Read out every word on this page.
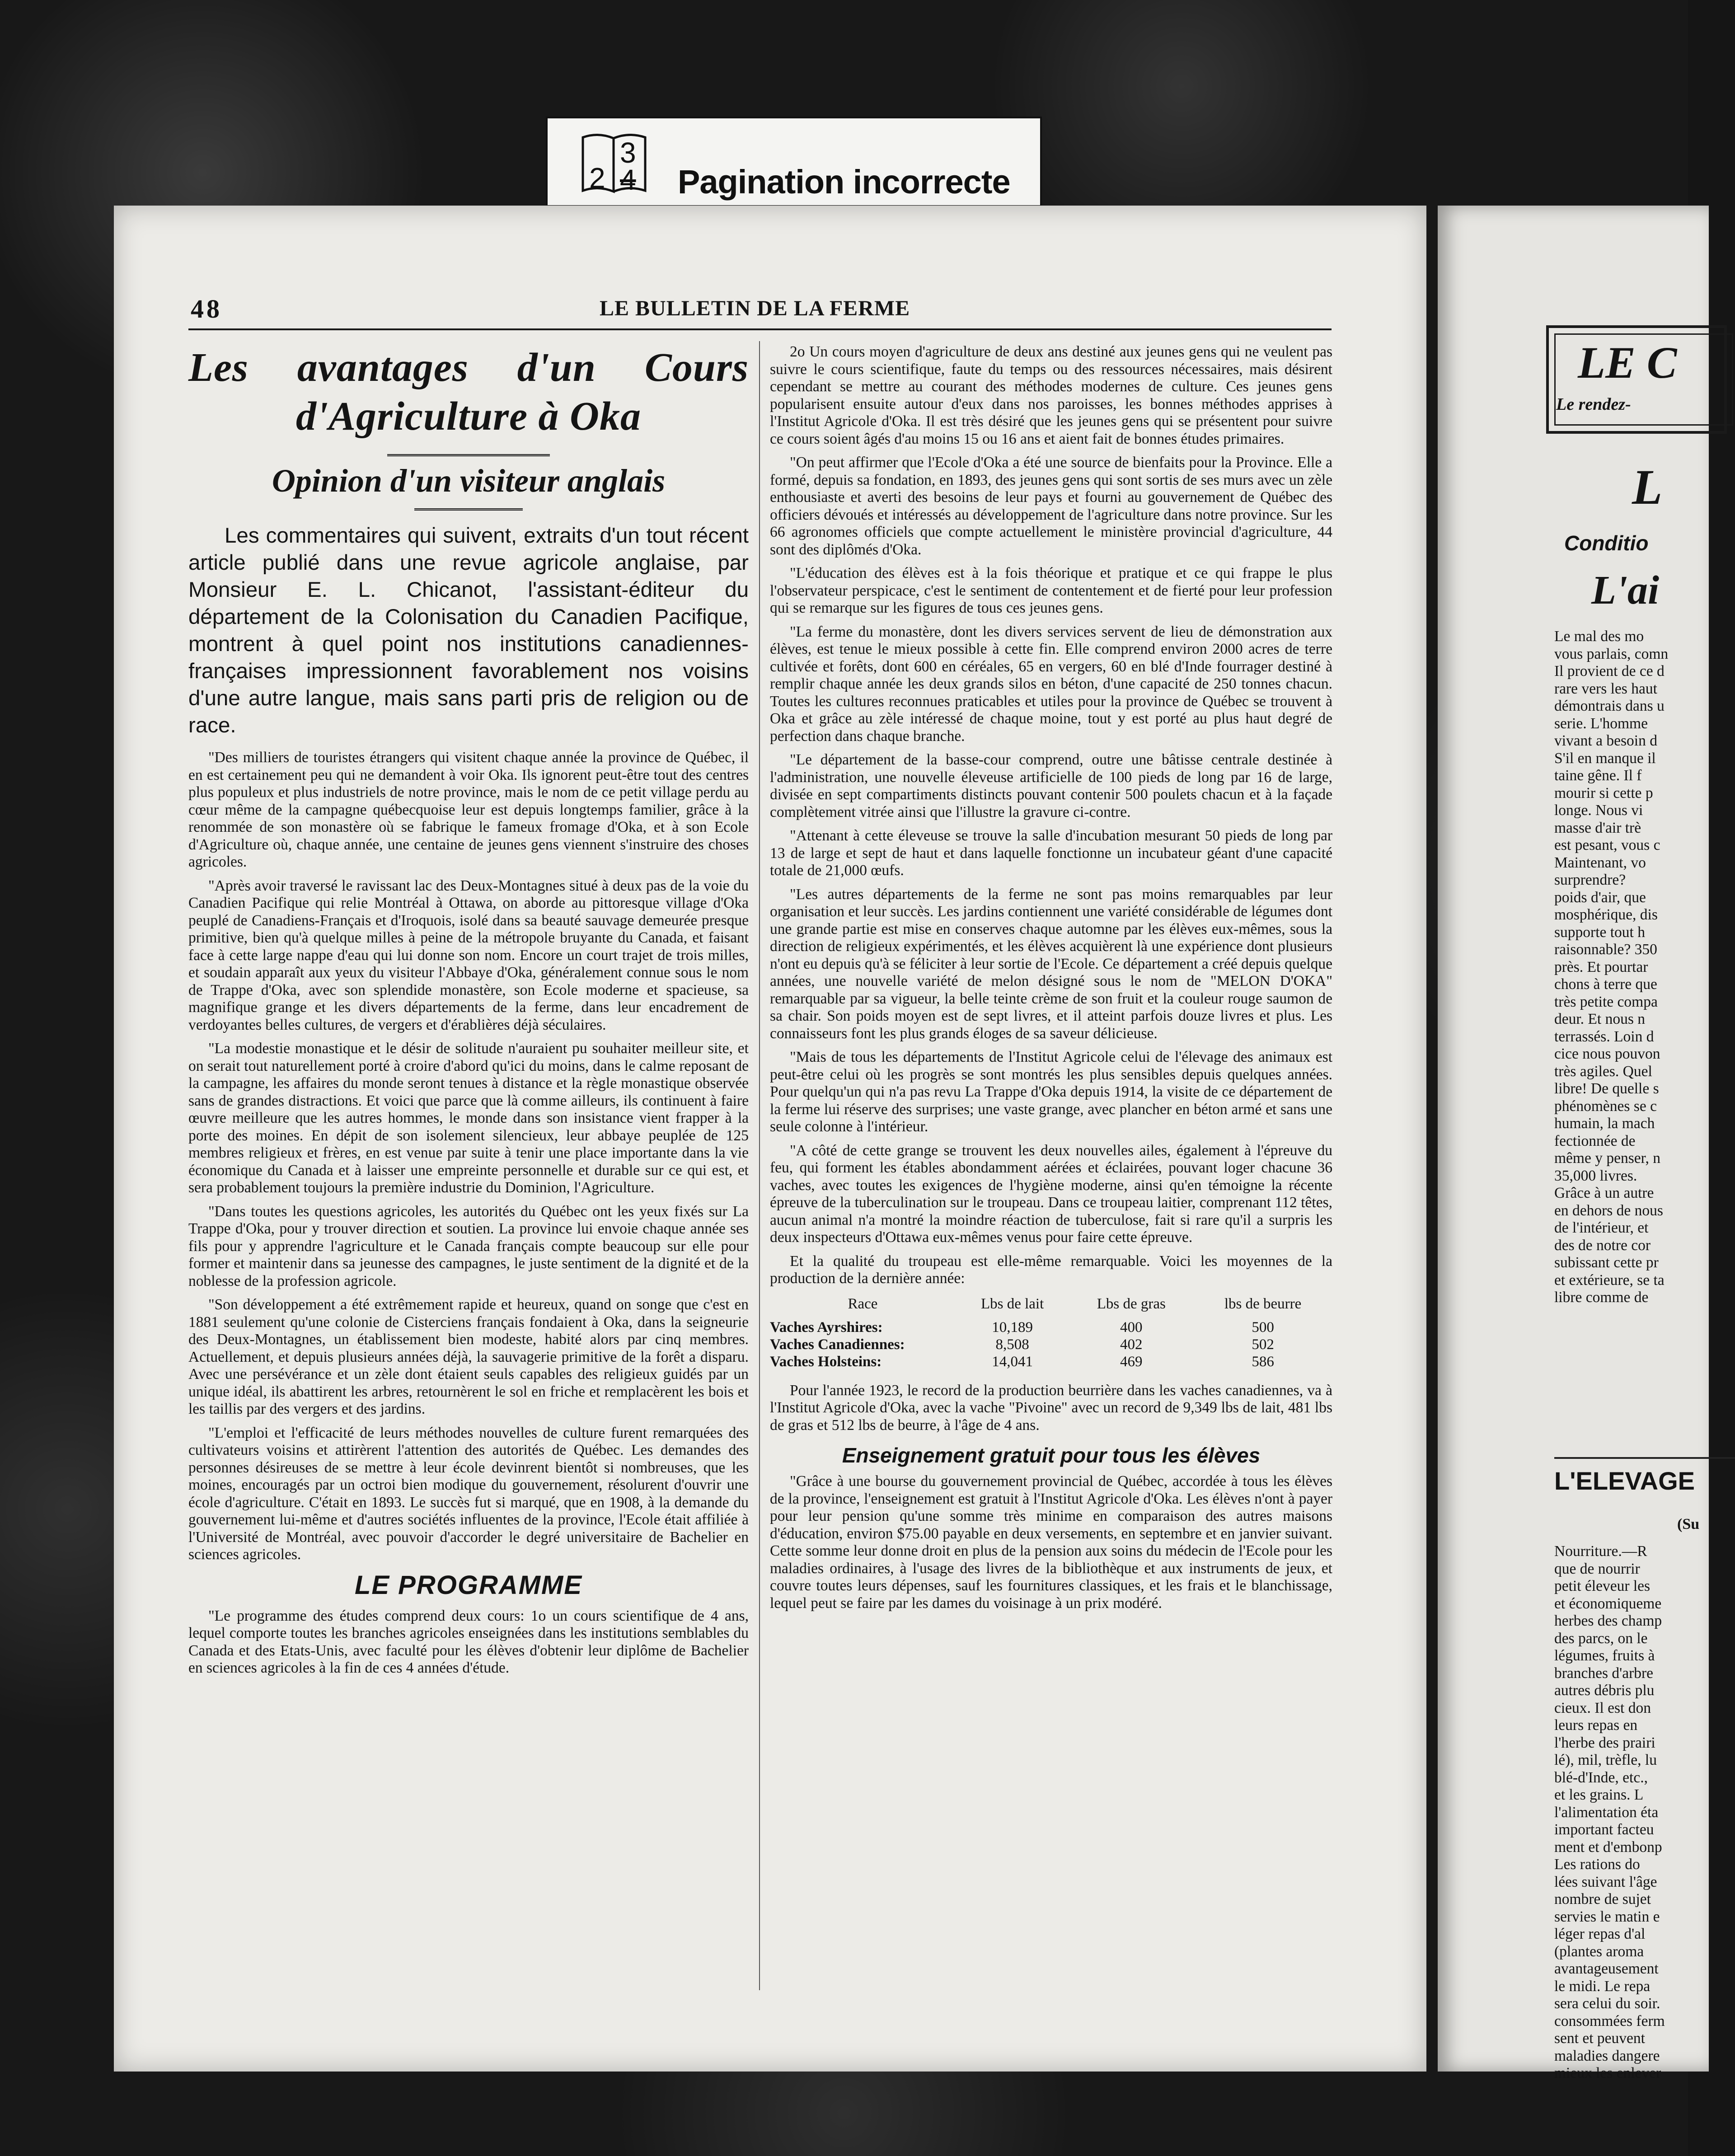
2
3
4 Pagination incorrecte
48	LE BULLETIN DE LA FERME
Les avantages d'un Cours
d'Agriculture à Oka
Opinion d'un visiteur anglais

Les commentaires qui suivent, extraits d'un tout récent article publié dans une revue agricole anglaise, par Monsieur E. L. Chicanot, l'assistant-éditeur du département de la Colonisation du Canadien Pacifique, montrent à quel point nos institutions canadiennes-françaises impressionnent favorablement nos voisins d'une autre langue, mais sans parti pris de religion ou de race.

"Des milliers de touristes étrangers qui visitent chaque année la province de Québec, il en est certainement peu qui ne demandent à voir Oka. Ils ignorent peut-être tout des centres plus populeux et plus industriels de notre province, mais le nom de ce petit village perdu au cœur même de la campagne québecquoise leur est depuis longtemps familier, grâce à la renommée de son monastère où se fabrique le fameux fromage d'Oka, et à son Ecole d'Agriculture où, chaque année, une centaine de jeunes gens viennent s'instruire des choses agricoles.

"Après avoir traversé le ravissant lac des Deux-Montagnes situé à deux pas de la voie du Canadien Pacifique qui relie Montréal à Ottawa, on aborde au pittoresque village d'Oka peuplé de Canadiens-Français et d'Iroquois, isolé dans sa beauté sauvage demeurée presque primitive, bien qu'à quelque milles à peine de la métropole bruyante du Canada, et faisant face à cette large nappe d'eau qui lui donne son nom. Encore un court trajet de trois milles, et soudain apparaît aux yeux du visiteur l'Abbaye d'Oka, généralement connue sous le nom de Trappe d'Oka, avec son splendide monastère, son Ecole moderne et spacieuse, sa magnifique grange et les divers départements de la ferme, dans leur encadrement de verdoyantes belles cultures, de vergers et d'érablières déjà séculaires.

"La modestie monastique et le désir de solitude n'auraient pu souhaiter meilleur site, et on serait tout naturellement porté à croire d'abord qu'ici du moins, dans le calme reposant de la campagne, les affaires du monde seront tenues à distance et la règle monastique observée sans de grandes distractions. Et voici que parce que là comme ailleurs, ils continuent à faire œuvre meilleure que les autres hommes, le monde dans son insistance vient frapper à la porte des moines. En dépit de son isolement silencieux, leur abbaye peuplée de 125 membres religieux et frères, en est venue par suite à tenir une place importante dans la vie économique du Canada et à laisser une empreinte personnelle et durable sur ce qui est, et sera probablement toujours la première industrie du Dominion, l'Agriculture.

"Dans toutes les questions agricoles, les autorités du Québec ont les yeux fixés sur La Trappe d'Oka, pour y trouver direction et soutien. La province lui envoie chaque année ses fils pour y apprendre l'agriculture et le Canada français compte beaucoup sur elle pour former et maintenir dans sa jeunesse des campagnes, le juste sentiment de la dignité et de la noblesse de la profession agricole.

"Son développement a été extrêmement rapide et heureux, quand on songe que c'est en 1881 seulement qu'une colonie de Cisterciens français fondaient à Oka, dans la seigneurie des Deux-Montagnes, un établissement bien modeste, habité alors par cinq membres. Actuellement, et depuis plusieurs années déjà, la sauvagerie primitive de la forêt a disparu. Avec une persévérance et un zèle dont étaient seuls capables des religieux guidés par un unique idéal, ils abattirent les arbres, retournèrent le sol en friche et remplacèrent les bois et les taillis par des vergers et des jardins.

"L'emploi et l'efficacité de leurs méthodes nouvelles de culture furent remarquées des cultivateurs voisins et attirèrent l'attention des autorités de Québec. Les demandes des personnes désireuses de se mettre à leur école devinrent bientôt si nombreuses, que les moines, encouragés par un octroi bien modique du gouvernement, résolurent d'ouvrir une école d'agriculture. C'était en 1893. Le succès fut si marqué, que en 1908, à la demande du gouvernement lui-même et d'autres sociétés influentes de la province, l'Ecole était affiliée à l'Université de Montréal, avec pouvoir d'accorder le degré universitaire de Bachelier en sciences agricoles.

LE PROGRAMME

"Le programme des études comprend deux cours: 1o un cours scientifique de 4 ans, lequel comporte toutes les branches agricoles enseignées dans les institutions semblables du Canada et des Etats-Unis, avec faculté pour les élèves d'obtenir leur diplôme de Bachelier en sciences agricoles à la fin de ces 4 années d'étude.

2o Un cours moyen d'agriculture de deux ans destiné aux jeunes gens qui ne veulent pas suivre le cours scientifique, faute du temps ou des ressources nécessaires, mais désirent cependant se mettre au courant des méthodes modernes de culture. Ces jeunes gens popularisent ensuite autour d'eux dans nos paroisses, les bonnes méthodes apprises à l'Institut Agricole d'Oka. Il est très désiré que les jeunes gens qui se présentent pour suivre ce cours soient âgés d'au moins 15 ou 16 ans et aient fait de bonnes études primaires.

"On peut affirmer que l'Ecole d'Oka a été une source de bienfaits pour la Province. Elle a formé, depuis sa fondation, en 1893, des jeunes gens qui sont sortis de ses murs avec un zèle enthousiaste et averti des besoins de leur pays et fourni au gouvernement de Québec des officiers dévoués et intéressés au développement de l'agriculture dans notre province. Sur les 66 agronomes officiels que compte actuellement le ministère provincial d'agriculture, 44 sont des diplômés d'Oka.

"L'éducation des élèves est à la fois théorique et pratique et ce qui frappe le plus l'observateur perspicace, c'est le sentiment de contentement et de fierté pour leur profession qui se remarque sur les figures de tous ces jeunes gens.

"La ferme du monastère, dont les divers services servent de lieu de démonstration aux élèves, est tenue le mieux possible à cette fin. Elle comprend environ 2000 acres de terre cultivée et forêts, dont 600 en céréales, 65 en vergers, 60 en blé d'Inde fourrager destiné à remplir chaque année les deux grands silos en béton, d'une capacité de 250 tonnes chacun. Toutes les cultures reconnues praticables et utiles pour la province de Québec se trouvent à Oka et grâce au zèle intéressé de chaque moine, tout y est porté au plus haut degré de perfection dans chaque branche.

"Le département de la basse-cour comprend, outre une bâtisse centrale destinée à l'administration, une nouvelle éleveuse artificielle de 100 pieds de long par 16 de large, divisée en sept compartiments distincts pouvant contenir 500 poulets chacun et à la façade complètement vitrée ainsi que l'illustre la gravure ci-contre.

"Attenant à cette éleveuse se trouve la salle d'incubation mesurant 50 pieds de long par 13 de large et sept de haut et dans laquelle fonctionne un incubateur géant d'une capacité totale de 21,000 œufs.

"Les autres départements de la ferme ne sont pas moins remarquables par leur organisation et leur succès. Les jardins contiennent une variété considérable de légumes dont une grande partie est mise en conserves chaque automne par les élèves eux-mêmes, sous la direction de religieux expérimentés, et les élèves acquièrent là une expérience dont plusieurs n'ont eu depuis qu'à se féliciter à leur sortie de l'Ecole. Ce département a créé depuis quelque années, une nouvelle variété de melon désigné sous le nom de "MELON D'OKA" remarquable par sa vigueur, la belle teinte crème de son fruit et la couleur rouge saumon de sa chair. Son poids moyen est de sept livres, et il atteint parfois douze livres et plus. Les connaisseurs font les plus grands éloges de sa saveur délicieuse.

"Mais de tous les départements de l'Institut Agricole celui de l'élevage des animaux est peut-être celui où les progrès se sont montrés les plus sensibles depuis quelques années. Pour quelqu'un qui n'a pas revu La Trappe d'Oka depuis 1914, la visite de ce département de la ferme lui réserve des surprises; une vaste grange, avec plancher en béton armé et sans une seule colonne à l'intérieur.

"A côté de cette grange se trouvent les deux nouvelles ailes, également à l'épreuve du feu, qui forment les étables abondamment aérées et éclairées, pouvant loger chacune 36 vaches, avec toutes les exigences de l'hygiène moderne, ainsi qu'en témoigne la récente épreuve de la tuberculination sur le troupeau. Dans ce troupeau laitier, comprenant 112 têtes, aucun animal n'a montré la moindre réaction de tuberculose, fait si rare qu'il a surpris les deux inspecteurs d'Ottawa eux-mêmes venus pour faire cette épreuve.

Et la qualité du troupeau est elle-même remarquable. Voici les moyennes de la production de la dernière année:

Race	Lbs de lait	Lbs de gras	lbs de beurre
Vaches Ayrshires:	10,189	400	500
Vaches Canadiennes:	8,508	402	502
Vaches Holsteins:	14,041	469	586

Pour l'année 1923, le record de la production beurrière dans les vaches canadiennes, va à l'Institut Agricole d'Oka, avec la vache "Pivoine" avec un record de 9,349 lbs de lait, 481 lbs de gras et 512 lbs de beurre, à l'âge de 4 ans.

Enseignement gratuit pour tous les élèves

"Grâce à une bourse du gouvernement provincial de Québec, accordée à tous les élèves de la province, l'enseignement est gratuit à l'Institut Agricole d'Oka. Les élèves n'ont à payer pour leur pension qu'une somme très minime en comparaison des autres maisons d'éducation, environ $75.00 payable en deux versements, en septembre et en janvier suivant. Cette somme leur donne droit en plus de la pension aux soins du médecin de l'Ecole pour les maladies ordinaires, à l'usage des livres de la bibliothèque et aux instruments de jeux, et couvre toutes leurs dépenses, sauf les fournitures classiques, et les frais et le blanchissage, lequel peut se faire par les dames du voisinage à un prix modéré.

LE C
Le rendez-
L
Conditio
L'ai
Le mal des mo
vous parlais, comn
Il provient de ce d
rare vers les haut
démontrais dans u
serie. L'homme
vivant a besoin d
S'il en manque il
taine gêne. Il f
mourir si cette p
longe. Nous vi
masse d'air trè
est pesant, vous c
Maintenant, vo
surprendre?
poids d'air, que
mosphérique, dis
supporte tout h
raisonnable? 350
près. Et pourtar
chons à terre que
très petite compa
deur. Et nous n
terrassés. Loin d
cice nous pouvon
très agiles. Quel
libre! De quelle s
phénomènes se c
humain, la mach
fectionnée de
même y penser, n
35,000 livres.
Grâce à un autre
en dehors de nous
de l'intérieur, et
des de notre cor
subissant cette pr
et extérieure, se ta
libre comme de
L'ELEVAGE
(Su
Nourriture.—R
que de nourrir
petit éleveur les
et économiqueme
herbes des champ
des parcs, on le
légumes, fruits à
branches d'arbre
autres débris plu
cieux. Il est don
leurs repas en
l'herbe des prairi
lé), mil, trèfle, lu
blé-d'Inde, etc.,
et les grains. L
l'alimentation éta
important facteu
ment et d'embonp
Les rations do
lées suivant l'âge
nombre de sujet
servies le matin e
léger repas d'al
(plantes aroma
avantageusement
le midi. Le repa
sera celui du soir.
consommées ferm
sent et peuvent
maladies dangere
mieux les enlever
